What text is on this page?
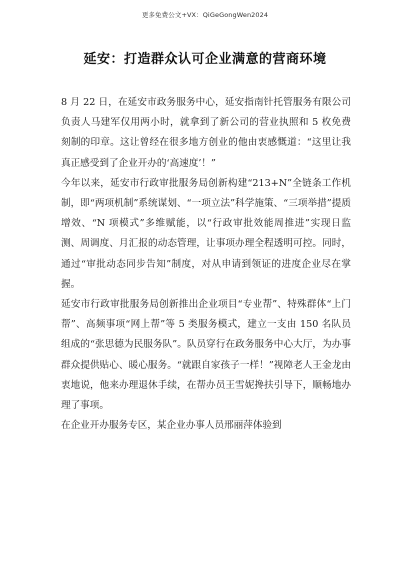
更多免费公文+VX：QiGeGongWen2024
延安：打造群众认可企业满意的营商环境

8 月 22 日，在延安市政务服务中心，延安指南针托管服务有限公司负责人马建军仅用两小时，就拿到了新公司的营业执照和 5 枚免费刻制的印章。这让曾经在很多地方创业的他由衷感慨道：“这里让我真正感受到了企业开办的‘高速度’！”

今年以来，延安市行政审批服务局创新构建“213+N”全链条工作机制，即“两项机制”系统谋划、“一项立法”科学施策、“三项举措”提质增效、“N 项模式”多维赋能，以“行政审批效能周推进”实现日监测、周调度、月汇报的动态管理，让事项办理全程透明可控。同时，通过“审批动态同步告知”制度，对从申请到领证的进度企业尽在掌握。

延安市行政审批服务局创新推出企业项目“专业帮”、特殊群体“上门帮”、高频事项“网上帮”等 5 类服务模式，建立一支由 150 名队员组成的“张思德为民服务队”。队员穿行在政务服务中心大厅，为办事群众提供贴心、暖心服务。“就跟自家孩子一样！”视障老人王金龙由衷地说，他来办理退休手续，在帮办员王雪妮搀扶引导下，顺畅地办理了事项。

在企业开办服务专区，某企业办事人员邢丽萍体验到
